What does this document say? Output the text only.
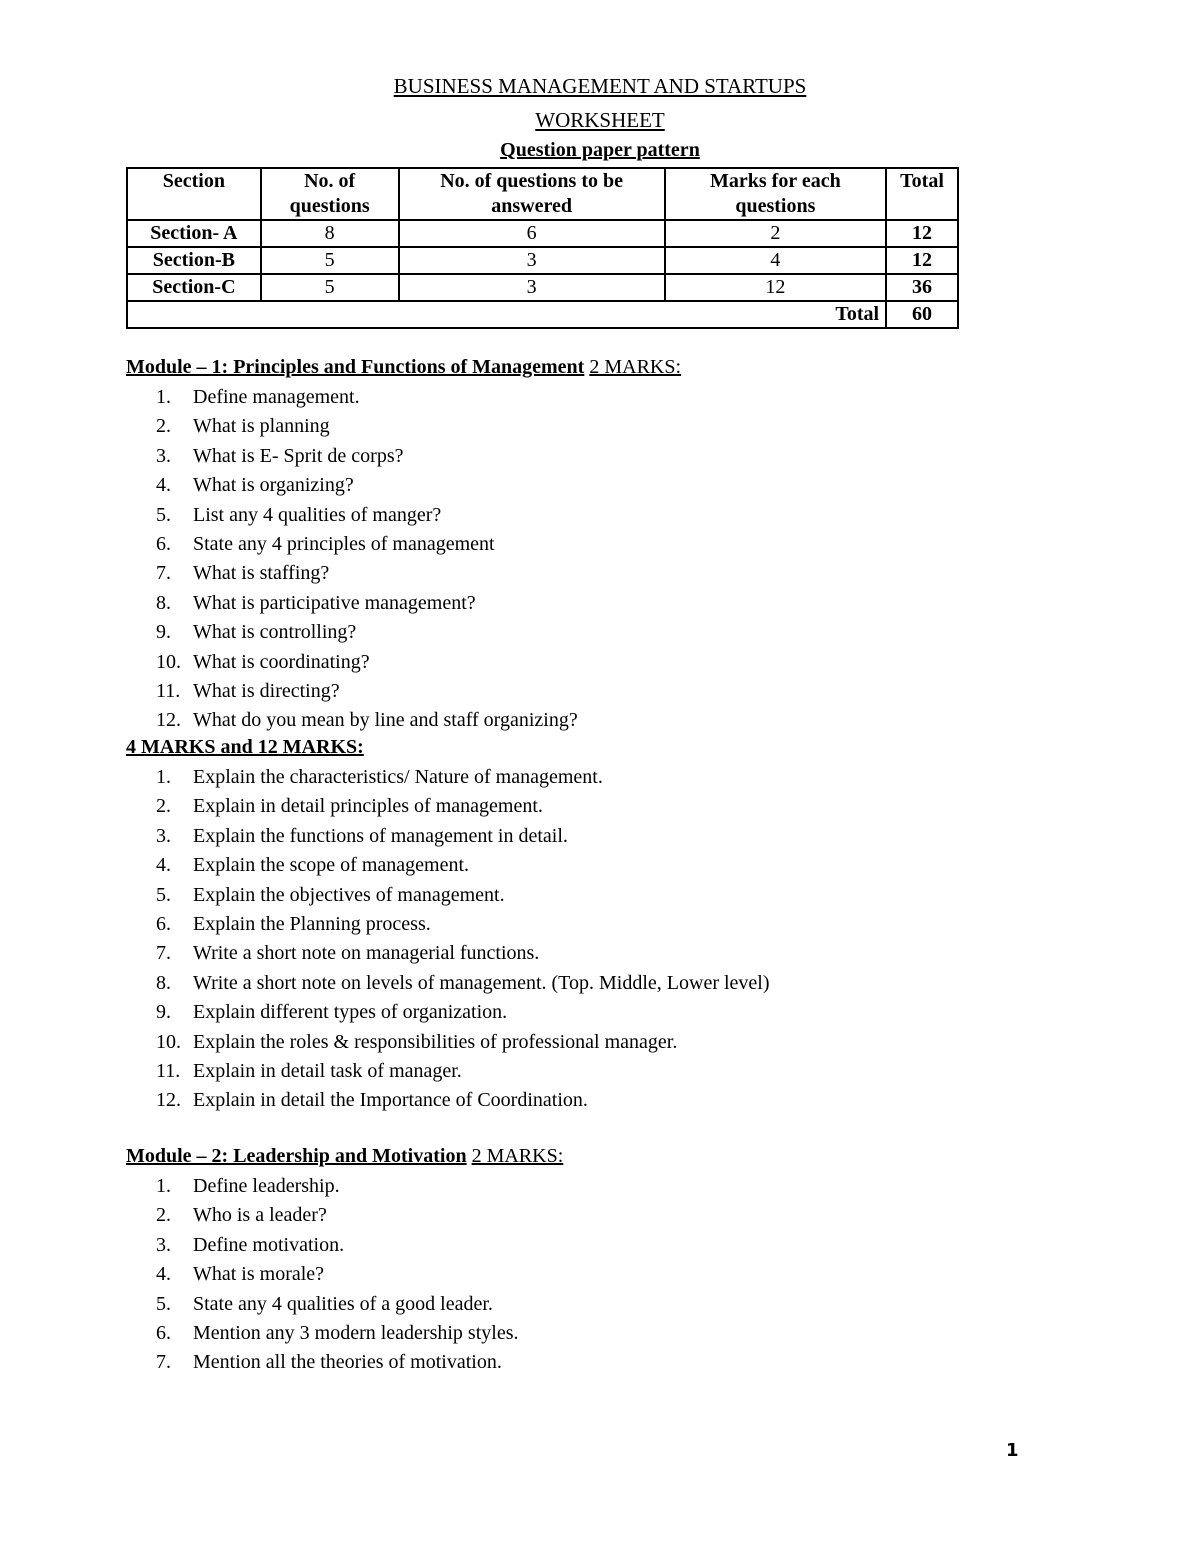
BUSINESS MANAGEMENT AND STARTUPS
WORKSHEET
Question paper pattern
Section	No. of questions	No. of questions to be answered	Marks for each questions	Total
Section- A	8	6	2	12
Section-B	5	3	4	12
Section-C	5	3	12	36
Total				60
Module – 1: Principles and Functions of Management 2 MARKS:
1.	Define management.
2.	What is planning
3.	What is E- Sprit de corps?
4.	What is organizing?
5.	List any 4 qualities of manger?
6.	State any 4 principles of management
7.	What is staffing?
8.	What is participative management?
9.	What is controlling?
10. What is coordinating?
11. What is directing?
12. What do you mean by line and staff organizing?
4 MARKS and 12 MARKS:
1.	Explain the characteristics/ Nature of management.
2.	Explain in detail principles of management.
3.	Explain the functions of management in detail.
4.	Explain the scope of management.
5.	Explain the objectives of management.
6.	Explain the Planning process.
7.	Write a short note on managerial functions.
8.	Write a short note on levels of management. (Top. Middle, Lower level)
9.	Explain different types of organization.
10. Explain the roles & responsibilities of professional manager.
11. Explain in detail task of manager.
12. Explain in detail the Importance of Coordination.
Module – 2: Leadership and Motivation 2 MARKS:
1.	Define leadership.
2.	Who is a leader?
3.	Define motivation.
4.	What is morale?
5.	State any 4 qualities of a good leader.
6.	Mention any 3 modern leadership styles.
7.	Mention all the theories of motivation.
1
